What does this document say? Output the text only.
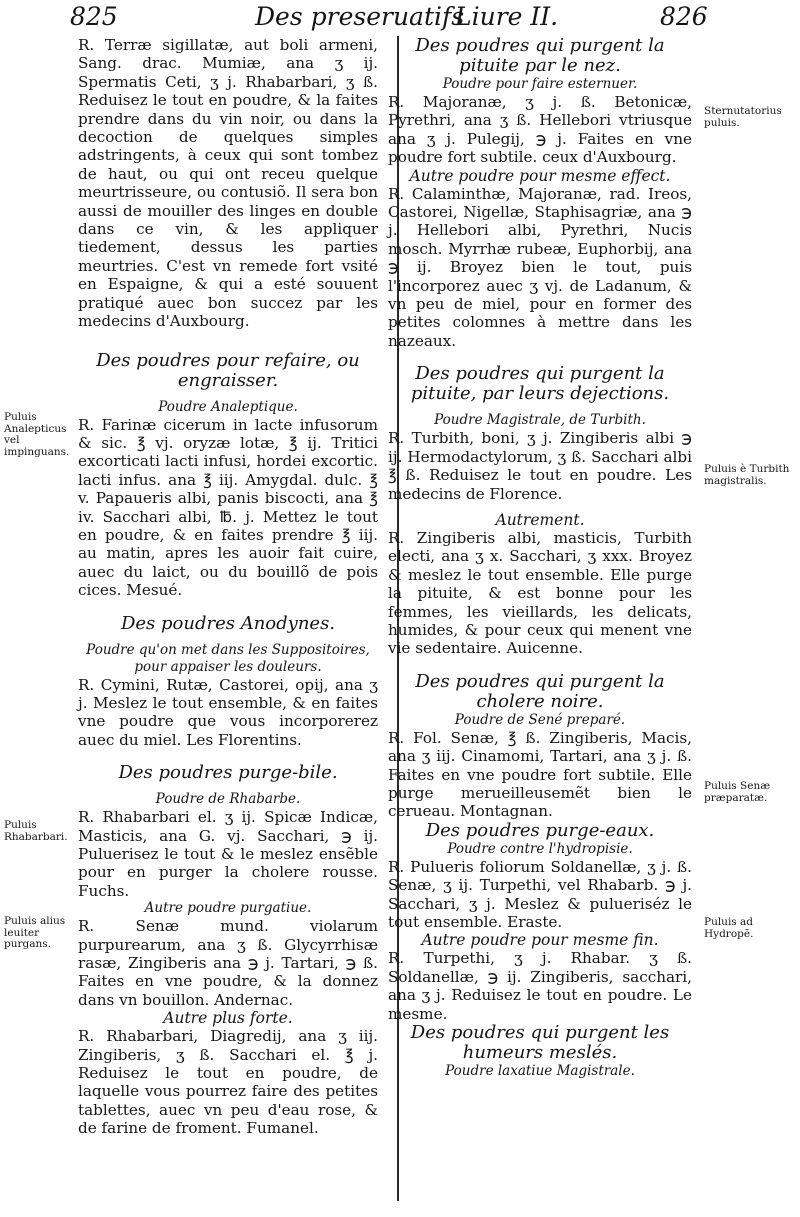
825	Des preseruatifs
Liure II.	826

R. Terræ sigillatæ, aut boli armeni, Sang. drac. Mumiæ, ana ʒ ij. Spermatis Ceti, ʒ j. Rhabarbari, ʒ ß. Reduisez le tout en poudre, & la faites prendre dans du vin noir, ou dans la decoction de quelques simples adstringents, à ceux qui sont tombez de haut, ou qui ont receu quelque meurtrisseure, ou contusiõ. Il sera bon aussi de mouiller des linges en double dans ce vin, & les appliquer tiedement, dessus les parties meurtries. C'est vn remede fort vsité en Espaigne, & qui a esté souuent pratiqué auec bon succez par les medecins d'Auxbourg.

Des poudres pour refaire, ou engraisser.
Poudre Analeptique.

R. Farinæ cicerum in lacte infusorum & sic. ℥ vj. oryzæ lotæ, ℥ ij. Tritici excorticati lacti infusi, hordei excortic. lacti infus. ana ℥ iij. Amygdal. dulc. ℥ v. Papaueris albi, panis biscocti, ana ℥ iv. Sacchari albi, ℔. j. Mettez le tout en poudre, & en faites prendre ℥ iij. au matin, apres les auoir fait cuire, auec du laict, ou du bouillõ de pois cices. Mesué.

Des poudres Anodynes.
Poudre qu'on met dans les Suppositoires, pour appaiser les douleurs.

R. Cymini, Rutæ, Castorei, opij, ana ʒ j. Meslez le tout ensemble, & en faites vne poudre que vous incorporerez auec du miel. Les Florentins.

Des poudres purge-bile.
Poudre de Rhabarbe.

R. Rhabarbari el. ʒ ij. Spicæ Indicæ, Masticis, ana G. vj. Sacchari, ℈ ij. Puluerisez le tout & le meslez ensẽble pour en purger la cholere rousse. Fuchs.

Autre poudre purgatiue.

R. Senæ mund. violarum purpurearum, ana ʒ ß. Glycyrrhisæ rasæ, Zingiberis ana ℈ j. Tartari, ℈ ß. Faites en vne poudre, & la donnez dans vn bouillon. Andernac.

Autre plus forte.

R. Rhabarbari, Diagredij, ana ʒ iij. Zingiberis, ʒ ß. Sacchari el. ℥ j. Reduisez le tout en poudre, de laquelle vous pourrez faire des petites tablettes, auec vn peu d'eau rose, & de farine de froment. Fumanel.

Puluis Analepticus vel impinguans.
Puluis Rhabarbari.
Puluis alius leuiter purgans.
Des poudres qui purgent la pituite par le nez.
Poudre pour faire esternuer.

R. Majoranæ, ʒ j. ß. Betonicæ, Pyrethri, ana ʒ ß. Hellebori vtriusque ana ʒ j. Pulegij, ℈ j. Faites en vne poudre fort subtile. ceux d'Auxbourg.

Autre poudre pour mesme effect.

R. Calaminthæ, Majoranæ, rad. Ireos, Castorei, Nigellæ, Staphisagriæ, ana ℈ j. Hellebori albi, Pyrethri, Nucis mosch. Myrrhæ rubeæ, Euphorbij, ana ℈ ij. Broyez bien le tout, puis l'incorporez auec ʒ vj. de Ladanum, & vn peu de miel, pour en former des petites colomnes à mettre dans les nazeaux.

Des poudres qui purgent la pituite, par leurs dejections.
Poudre Magistrale, de Turbith.

R. Turbith, boni, ʒ j. Zingiberis albi ℈ ij. Hermodactylorum, ʒ ß. Sacchari albi ℥ ß. Reduisez le tout en poudre. Les medecins de Florence.

Autrement.

R. Zingiberis albi, masticis, Turbith electi, ana ʒ x. Sacchari, ʒ xxx. Broyez & meslez le tout ensemble. Elle purge la pituite, & est bonne pour les femmes, les vieillards, les delicats, humides, & pour ceux qui menent vne vie sedentaire. Auicenne.

Des poudres qui purgent la cholere noire.
Poudre de Sené preparé.

R. Fol. Senæ, ℥ ß. Zingiberis, Macis, ana ʒ iij. Cinamomi, Tartari, ana ʒ j. ß. Faites en vne poudre fort subtile. Elle purge merueilleusemẽt bien le cerueau. Montagnan.

Des poudres purge-eaux.
Poudre contre l'hydropisie.

R. Pulueris foliorum Soldanellæ, ʒ j. ß. Senæ, ʒ ij. Turpethi, vel Rhabarb. ℈ j. Sacchari, ʒ j. Meslez & pulueriséz le tout ensemble. Eraste.

Autre poudre pour mesme fin.

R. Turpethi, ʒ j. Rhabar. ʒ ß. Soldanellæ, ℈ ij. Zingiberis, sacchari, ana ʒ j. Reduisez le tout en poudre. Le mesme.

Des poudres qui purgent les humeurs meslés.
Poudre laxatiue Magistrale.
Sternutatorius puluis.
Puluis è Turbith magistralis.
Puluis Senæ præparatæ.
Puluis ad Hydropẽ.
